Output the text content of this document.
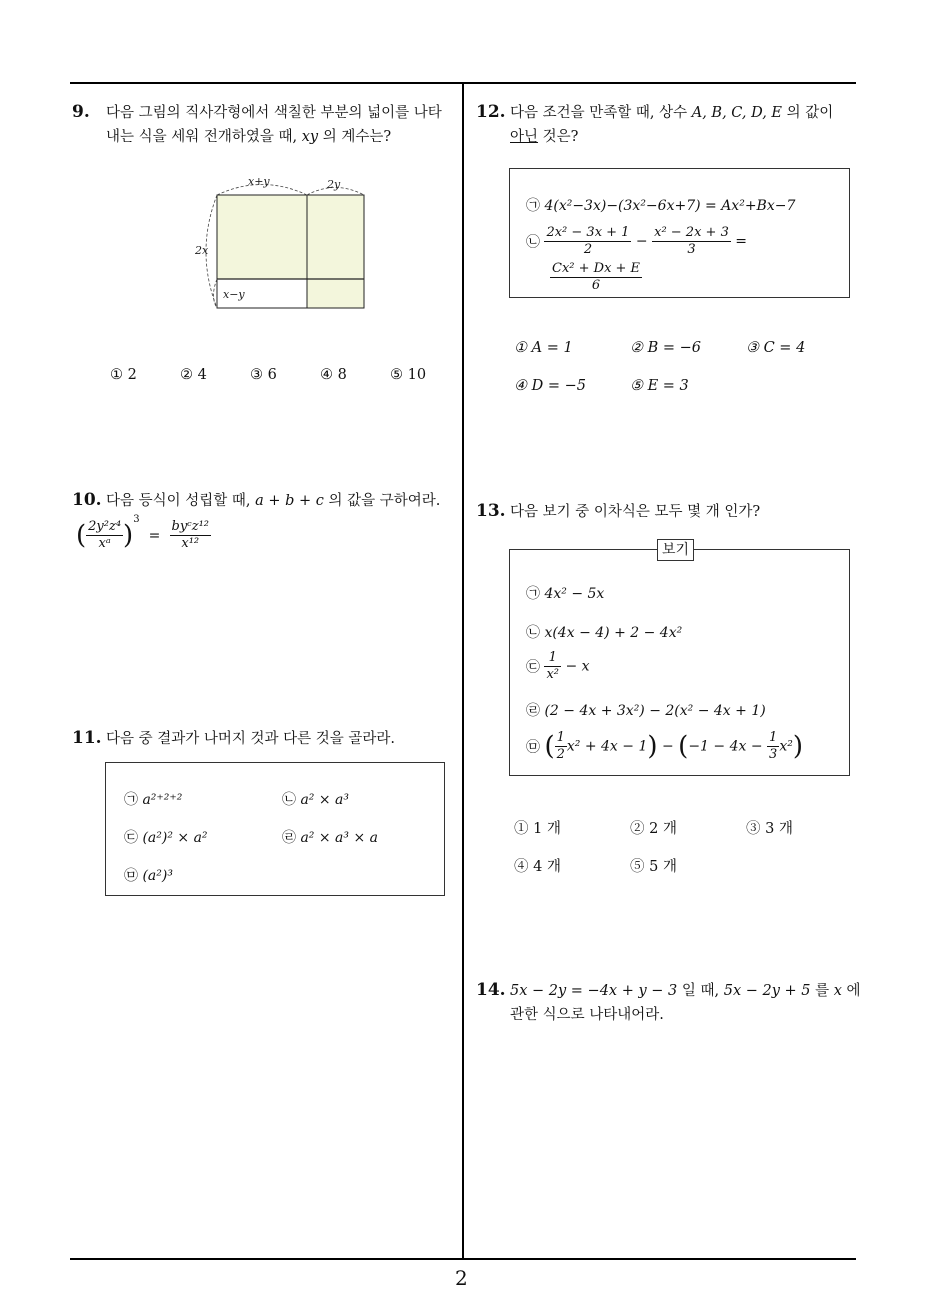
2
9. 다음 그림의 직사각형에서 색칠한 부분의 넓이를 나타
내는 식을 세워 전개하였을 때, xy 의 계수는?
x+y	2y
2x
x−y
① 2	② 4	③ 6	④ 8	⑤ 10
10. 다음 등식이 성립할 때, a + b + c 의 값을 구하여라.
( $\frac{\text{2y²z⁴}}{\text{xᵃ}} )^3 = \frac{\text{byᶜz¹²}}{\text{x¹²}}$
11. 다음 중 결과가 나머지 것과 다른 것을 골라라.
㉠ a²⁺²⁺²	㉡ a² × a³
㉢ (a²)² × a²	㉣ a² × a³ × a
㉤ (a²)³
12. 다음 조건을 만족할 때, 상수 A, B, C, D, E 의 값이
아닌 것은?
㉠ 4(x²−3x)−(3x²−6x+7) = Ax²+Bx−7
㉡ $\frac{\text{2x² − 3x + 1}}{2} - \frac{\text{x² − 2x + 3}}{3}$ =
$\frac{\text{Cx² + Dx + E}}{6}$
① A = 1	② B = −6	③ C = 4
④ D = −5	⑤ E = 3
13. 다음 보기 중 이차식은 모두 몇 개 인가?
㉠ 4x² − 5x
㉡ x(4x − 4) + 2 − 4x²
㉢ $\frac{1}{\text{x²}} - x$
㉣ (2 − 4x + 3x²) − 2(x² − 4x + 1)
㉤ ( $\frac{1}{2} x^2 + 4x - 1) - (-1 - 4x - \frac{1}{3} x^2)$
보기
① 1 개	② 2 개	③ 3 개
④ 4 개	⑤ 5 개
14. 5x − 2y = −4x + y − 3 일 때, 5x − 2y + 5 를 x 에
관한 식으로 나타내어라.
